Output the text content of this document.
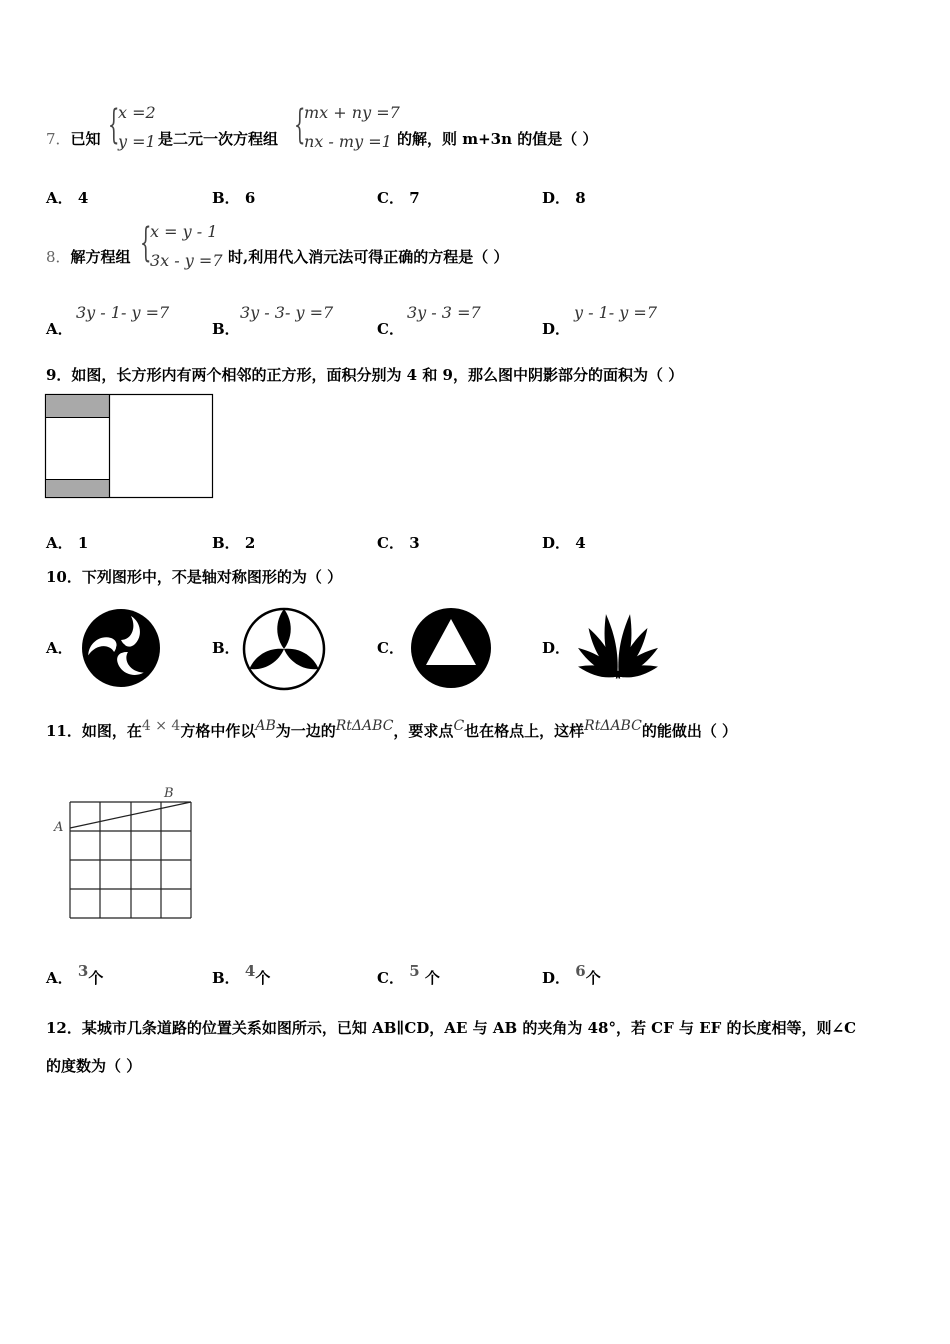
7．已知 {
x =2
y =1 是二元一次方程组 {
mx + ny =7
nx - my =1 的解，则 m+3n 的值是（ ）
A． 4	B． 6	C． 7	D． 8
8．解方程组 {
x = y - 1
3x - y =7 时,利用代入消元法可得正确的方程是（ ）
A．
3y - 1- y =7
B．
3y - 3- y =7
C．
3y - 3 =7
D．
y - 1- y =7
9．如图，长方形内有两个相邻的正方形，面积分别为 4 和 9，那么图中阴影部分的面积为（ ）
A． 1	B． 2	C． 3	D． 4
10．下列图形中，不是轴对称图形的为（ ）
A．	B．	C．	D．
11．如图，在4 × 4方格中作以AB为一边的RtΔABC，要求点C也在格点上，这样RtΔABC的能做出（ ）
A
B
A． 3个	B． 4个	C． 5 个	D． 6个
12．某城市几条道路的位置关系如图所示，已知 AB∥CD，AE 与 AB 的夹角为 48°，若 CF 与 EF 的长度相等，则∠C
的度数为（ ）
